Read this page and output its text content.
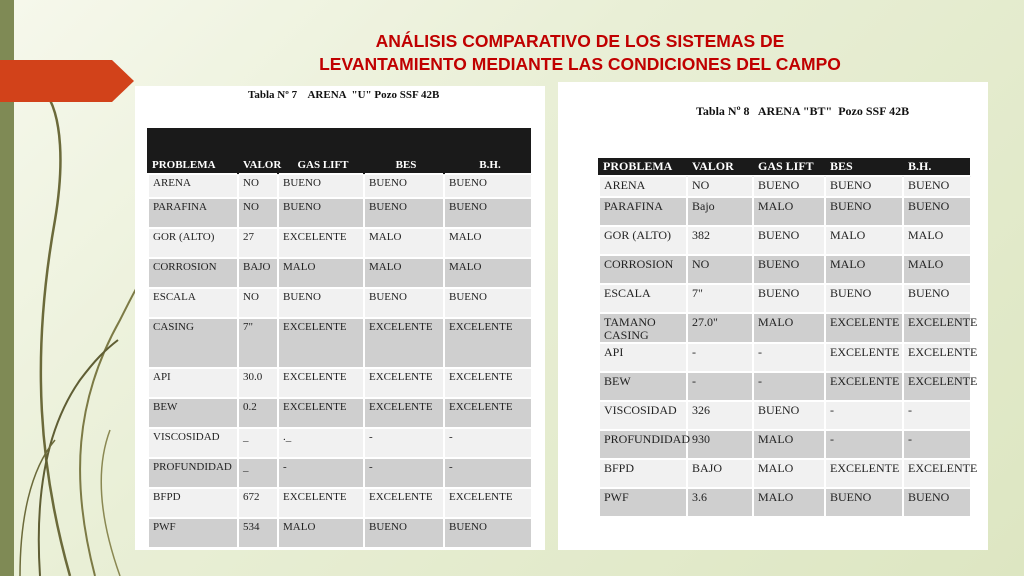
ANÁLISIS COMPARATIVO DE LOS SISTEMAS DE
LEVANTAMIENTO MEDIANTE LAS CONDICIONES DEL CAMPO
Tabla Nº 7    ARENA  "U" Pozo SSF 42B
PROBLEMA	VALOR	GAS LIFT	BES	B.H.
ARENA	NO	BUENO	BUENO	BUENO
PARAFINA	NO	BUENO	BUENO	BUENO
GOR (ALTO)	27	EXCELENTE	MALO	MALO
CORROSION	BAJO	MALO	MALO	MALO
ESCALA	NO	BUENO	BUENO	BUENO
CASING	7"	EXCELENTE	EXCELENTE	EXCELENTE
API	30.0	EXCELENTE	EXCELENTE	EXCELENTE
BEW	0.2	EXCELENTE	EXCELENTE	EXCELENTE
VISCOSIDAD	_	._	-	-
PROFUNDIDAD	_	-	-	-
BFPD	672	EXCELENTE	EXCELENTE	EXCELENTE
PWF	534	MALO	BUENO	BUENO
Tabla Nº 8   ARENA "BT"  Pozo SSF 42B
PROBLEMA	VALOR	GAS LIFT	BES	B.H.
ARENA	NO	BUENO	BUENO	BUENO
PARAFINA	Bajo	MALO	BUENO	BUENO
GOR (ALTO)	382	BUENO	MALO	MALO
CORROSION	NO	BUENO	MALO	MALO
ESCALA	7"	BUENO	BUENO	BUENO
TAMANO CASING	27.0"	MALO	EXCELENTE	EXCELENTE
API	-	-	EXCELENTE	EXCELENTE
BEW	-	-	EXCELENTE	EXCELENTE
VISCOSIDAD	326	BUENO	-	-
PROFUNDIDAD	930	MALO	-	-
BFPD	BAJO	MALO	EXCELENTE	EXCELENTE
PWF	3.6	MALO	BUENO	BUENO
